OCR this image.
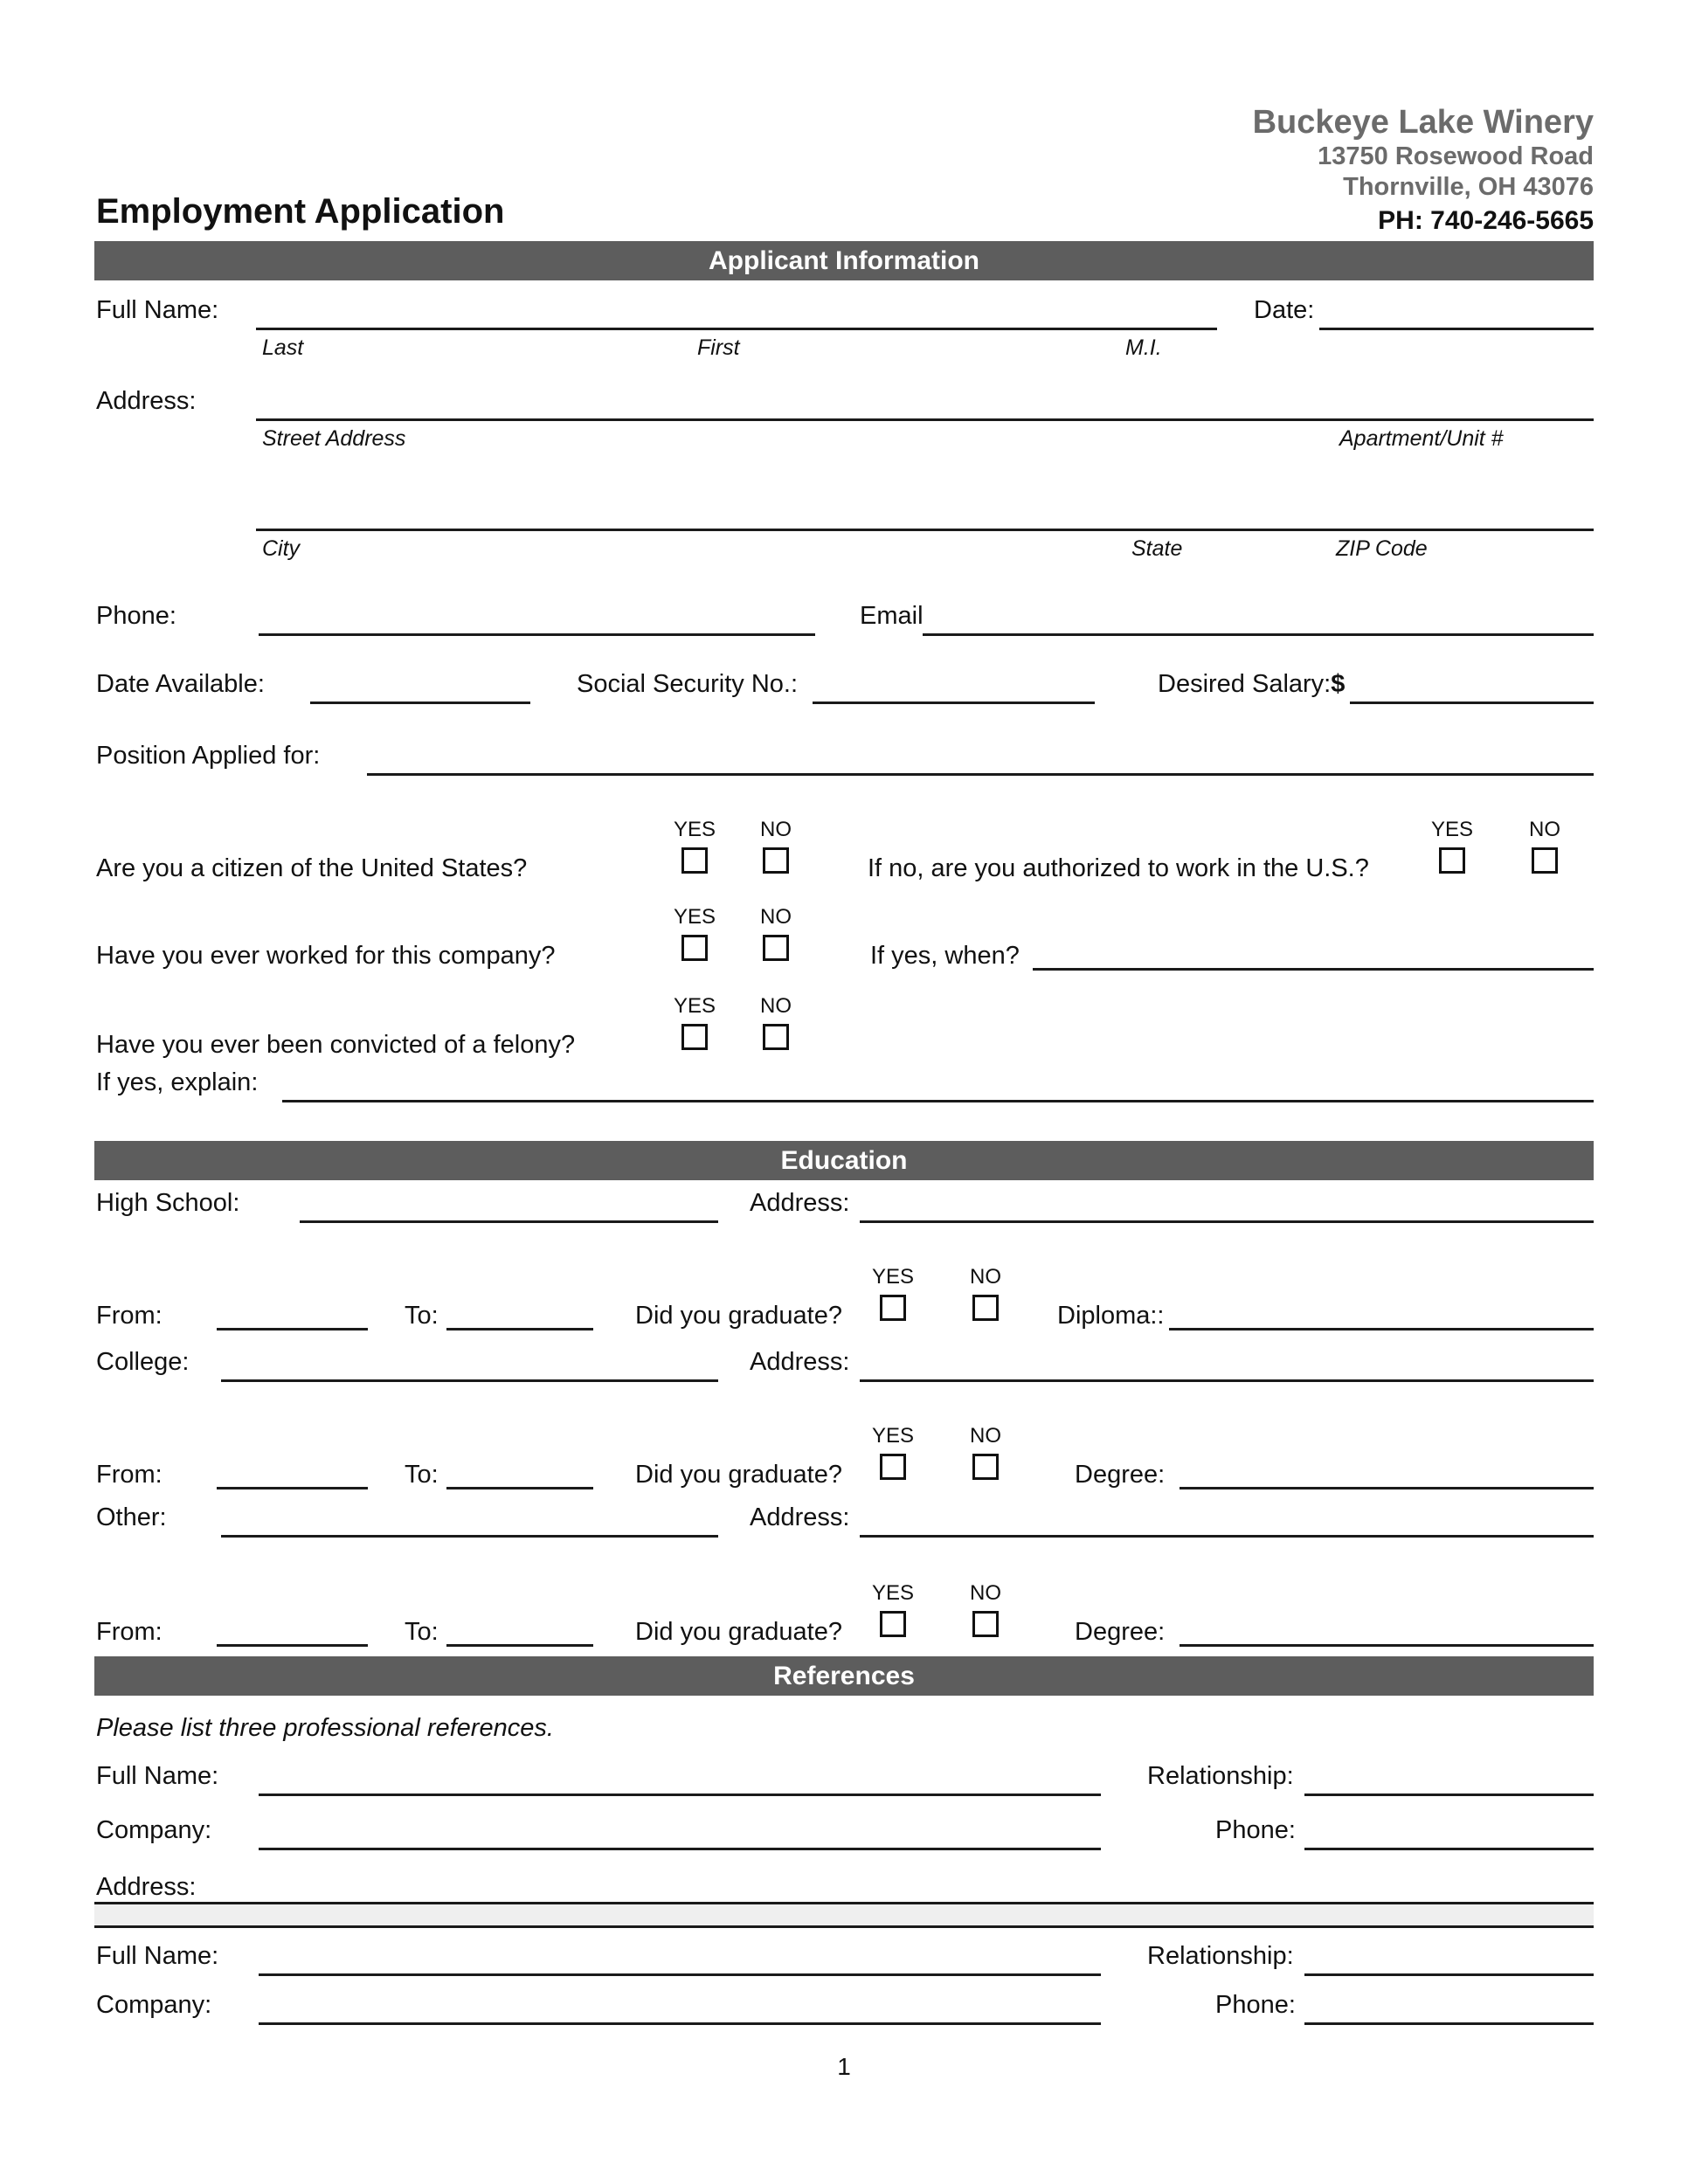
Buckeye Lake Winery
13750 Rosewood Road
Thornville, OH 43076
PH: 740-246-5665
Employment Application
Applicant Information
Full Name:	Date:
Last	First	M.I.
Address:
Street Address	Apartment/Unit #
City	State	ZIP Code
Phone:	Email
Date Available:	Social Security No.:	Desired Salary:$
Position Applied for:
Are you a citizen of the United States?
YES	NO
If no, are you authorized to work in the U.S.?
YES	NO
Have you ever worked for this company?
YES	NO
If yes, when?
Have you ever been convicted of a felony?
YES	NO
If yes, explain:
Education
High School:	Address:
From:	To:	Did you graduate?
YES	NO
Diploma::
College:	Address:
From:	To:	Did you graduate?
YES	NO
Degree:
Other:	Address:
From:	To:	Did you graduate?
YES	NO
Degree:
References
Please list three professional references.
Full Name:	Relationship:
Company:	Phone:
Address:
Full Name:	Relationship:
Company:	Phone:
1
